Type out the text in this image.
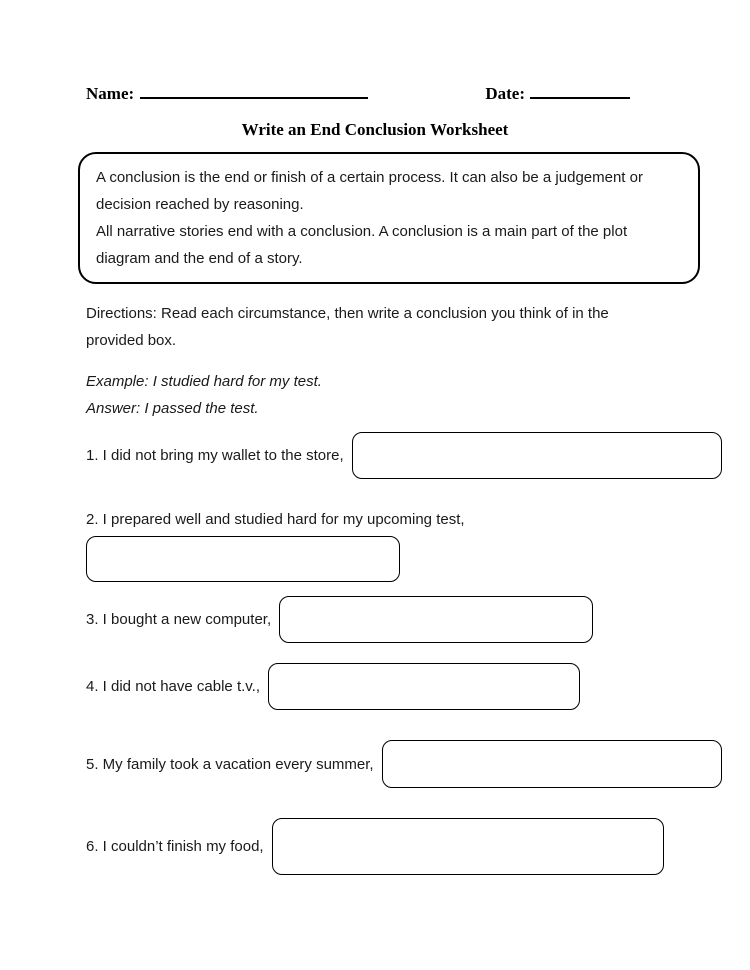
Name:	Date:
Write an End Conclusion Worksheet

A conclusion is the end or finish of a certain process. It can also be a judgement or decision reached by reasoning.

All narrative stories end with a conclusion. A conclusion is a main part of the plot diagram and the end of a story.

Directions: Read each circumstance, then write a conclusion you think of in the provided box.

Example: I studied hard for my test.

Answer: I passed the test.

1. I did not bring my wallet to the store,

2. I prepared well and studied hard for my upcoming test,

3. I bought a new computer,
4. I did not have cable t.v.,
5. My family took a vacation every summer,
6. I couldn’t finish my food,
